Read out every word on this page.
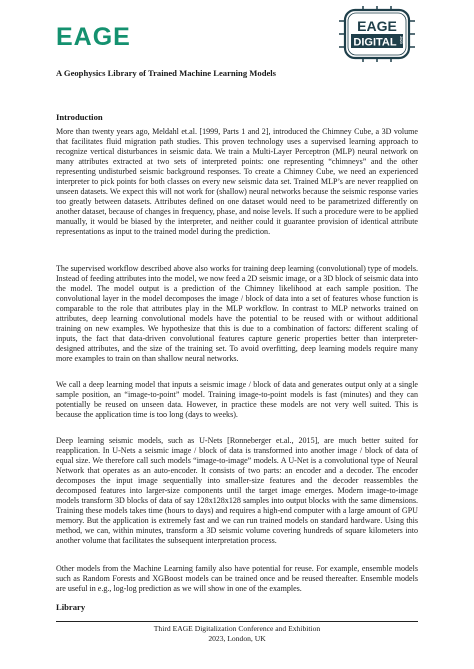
EAGE	EAGE
DIGITAL 2023
A Geophysics Library of Trained Machine Learning Models
Introduction

More than twenty years ago, Meldahl et.al. [1999, Parts 1 and 2], introduced the Chimney Cube, a 3D volume that facilitates fluid migration path studies. This proven technology uses a supervised learning approach to recognize vertical disturbances in seismic data. We train a Multi-Layer Perceptron (MLP) neural network on many attributes extracted at two sets of interpreted points: one representing “chimneys” and the other representing undisturbed seismic background responses. To create a Chimney Cube, we need an experienced interpreter to pick points for both classes on every new seismic data set. Trained MLP’s are never reapplied on unseen datasets. We expect this will not work for (shallow) neural networks because the seismic response varies too greatly between datasets. Attributes defined on one dataset would need to be parametrized differently on another dataset, because of changes in frequency, phase, and noise levels. If such a procedure were to be applied manually, it would be biased by the interpreter, and neither could it guarantee provision of identical attribute representations as input to the trained model during the prediction.

The supervised workflow described above also works for training deep learning (convolutional) type of models. Instead of feeding attributes into the model, we now feed a 2D seismic image, or a 3D block of seismic data into the model. The model output is a prediction of the Chimney likelihood at each sample position. The convolutional layer in the model decomposes the image / block of data into a set of features whose function is comparable to the role that attributes play in the MLP workflow. In contrast to MLP networks trained on attributes, deep learning convolutional models have the potential to be reused with or without additional training on new examples. We hypothesize that this is due to a combination of factors: different scaling of inputs, the fact that data-driven convolutional features capture generic properties better than interpreter-designed attributes, and the size of the training set. To avoid overfitting, deep learning models require many more examples to train on than shallow neural networks.

We call a deep learning model that inputs a seismic image / block of data and generates output only at a single sample position, an “image-to-point” model. Training image-to-point models is fast (minutes) and they can potentially be reused on unseen data. However, in practice these models are not very well suited. This is because the application time is too long (days to weeks).

Deep learning seismic models, such as U-Nets [Ronneberger et.al., 2015], are much better suited for reapplication. In U-Nets a seismic image / block of data is transformed into another image / block of data of equal size. We therefore call such models “image-to-image” models. A U-Net is a convolutional type of Neural Network that operates as an auto-encoder. It consists of two parts: an encoder and a decoder. The encoder decomposes the input image sequentially into smaller-size features and the decoder reassembles the decomposed features into larger-size components until the target image emerges. Modern image-to-image models transform 3D blocks of data of say 128x128x128 samples into output blocks with the same dimensions. Training these models takes time (hours to days) and requires a high-end computer with a large amount of GPU memory. But the application is extremely fast and we can run trained models on standard hardware. Using this method, we can, within minutes, transform a 3D seismic volume covering hundreds of square kilometers into another volume that facilitates the subsequent interpretation process.

Other models from the Machine Learning family also have potential for reuse. For example, ensemble models such as Random Forests and XGBoost models can be trained once and be reused thereafter. Ensemble models are useful in e.g., log-log prediction as we will show in one of the examples.

Library
Third EAGE Digitalization Conference and Exhibition
2023, London, UK
